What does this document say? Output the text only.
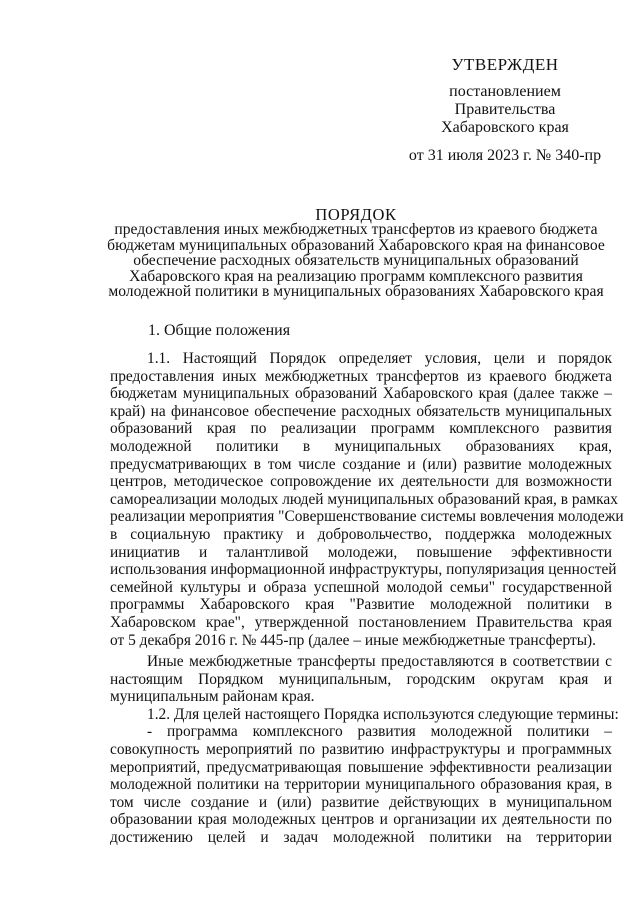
УТВЕРЖДЕН
постановлением
Правительства
Хабаровского края
от 31 июля 2023 г. № 340-пр
ПОРЯДОК
предоставления иных межбюджетных трансфертов из краевого бюджета
бюджетам муниципальных образований Хабаровского края на финансовое
обеспечение расходных обязательств муниципальных образований
Хабаровского края на реализацию программ комплексного развития
молодежной политики в муниципальных образованиях Хабаровского края
1. Общие положения
1.1. Настоящий Порядок определяет условия, цели и порядок
предоставления иных межбюджетных трансфертов из краевого бюджета
бюджетам муниципальных образований Хабаровского края (далее также –
край) на финансовое обеспечение расходных обязательств муниципальных
образований края по реализации программ комплексного развития
молодежной политики в муниципальных образованиях края,
предусматривающих в том числе создание и (или) развитие молодежных
центров, методическое сопровождение их деятельности для возможности
самореализации молодых людей муниципальных образований края, в рамках
реализации мероприятия "Совершенствование системы вовлечения молодежи
в социальную практику и добровольчество, поддержка молодежных
инициатив и талантливой молодежи, повышение эффективности
использования информационной инфраструктуры, популяризация ценностей
семейной культуры и образа успешной молодой семьи" государственной
программы Хабаровского края "Развитие молодежной политики в
Хабаровском крае", утвержденной постановлением Правительства края
от 5 декабря 2016 г. № 445-пр (далее – иные межбюджетные трансферты).
Иные межбюджетные трансферты предоставляются в соответствии с
настоящим Порядком муниципальным, городским округам края и
муниципальным районам края.
1.2. Для целей настоящего Порядка используются следующие термины:
- программа комплексного развития молодежной политики –
совокупность мероприятий по развитию инфраструктуры и программных
мероприятий, предусматривающая повышение эффективности реализации
молодежной политики на территории муниципального образования края, в
том числе создание и (или) развитие действующих в муниципальном
образовании края молодежных центров и организации их деятельности по
достижению целей и задач молодежной политики на территории
